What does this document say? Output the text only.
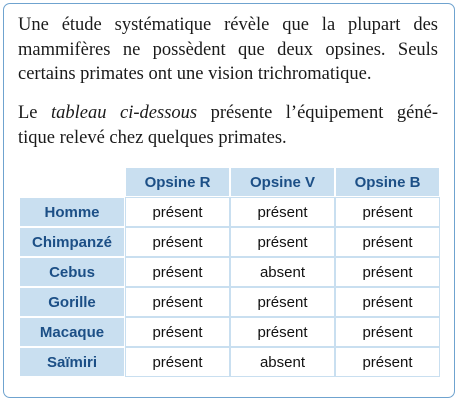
Une étude systématique révèle que la plupart des
mammifères ne possèdent que deux opsines. Seuls
certains primates ont une vision trichromatique.

Le tableau ci-dessous présente l’équipement géné-
tique relevé chez quelques primates.

	Opsine R	Opsine V	Opsine B
Homme	présent	présent	présent
Chimpanzé	présent	présent	présent
Cebus	présent	absent	présent
Gorille	présent	présent	présent
Macaque	présent	présent	présent
Saïmiri	présent	absent	présent
